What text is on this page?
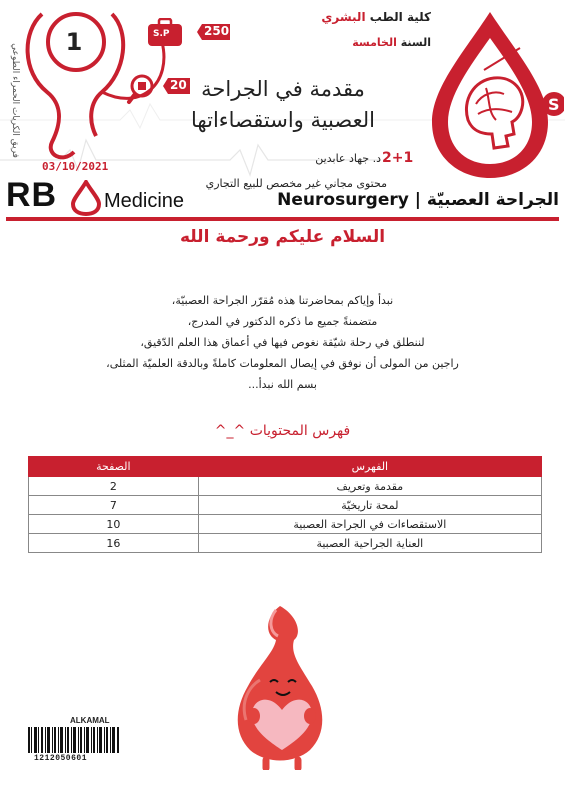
فريق الكريات الحمراء الطوعي
1	S.P	250
20
كلية الطب البشري
السنة الخامسة
S
مقدمة في الجراحة
العصبية واستقصاءاتها
2+1
د. جهاد عابدين
محتوى مجاني غير مخصص للبيع التجاري
03/10/2021
RB Medicine	الجراحة العصبيّة | Neurosurgery
السلام عليكم ورحمة الله
نبدأ وإياكم بمحاضرتنا هذه مُقرّر الجراحة العصبيّة،
متضمنةً جميع ما ذكره الدكتور في المدرج،
لننطلق في رحلة شيّقة نغوص فيها في أعماق هذا العلم الدّقيق،
راجين من المولى أن نوفق في إيصال المعلومات كاملةً وبالدقة العلميّة المثلى،
بسم الله نبدأ...
فهرس المحتويات ^_^
الفهرس	الصفحة
مقدمة وتعريف	2
لمحة تاريخيّة	7
الاستقصاءات في الجراحة العصبية	10
العناية الجراحية العصبية	16
ALKAMAL
1212050601
